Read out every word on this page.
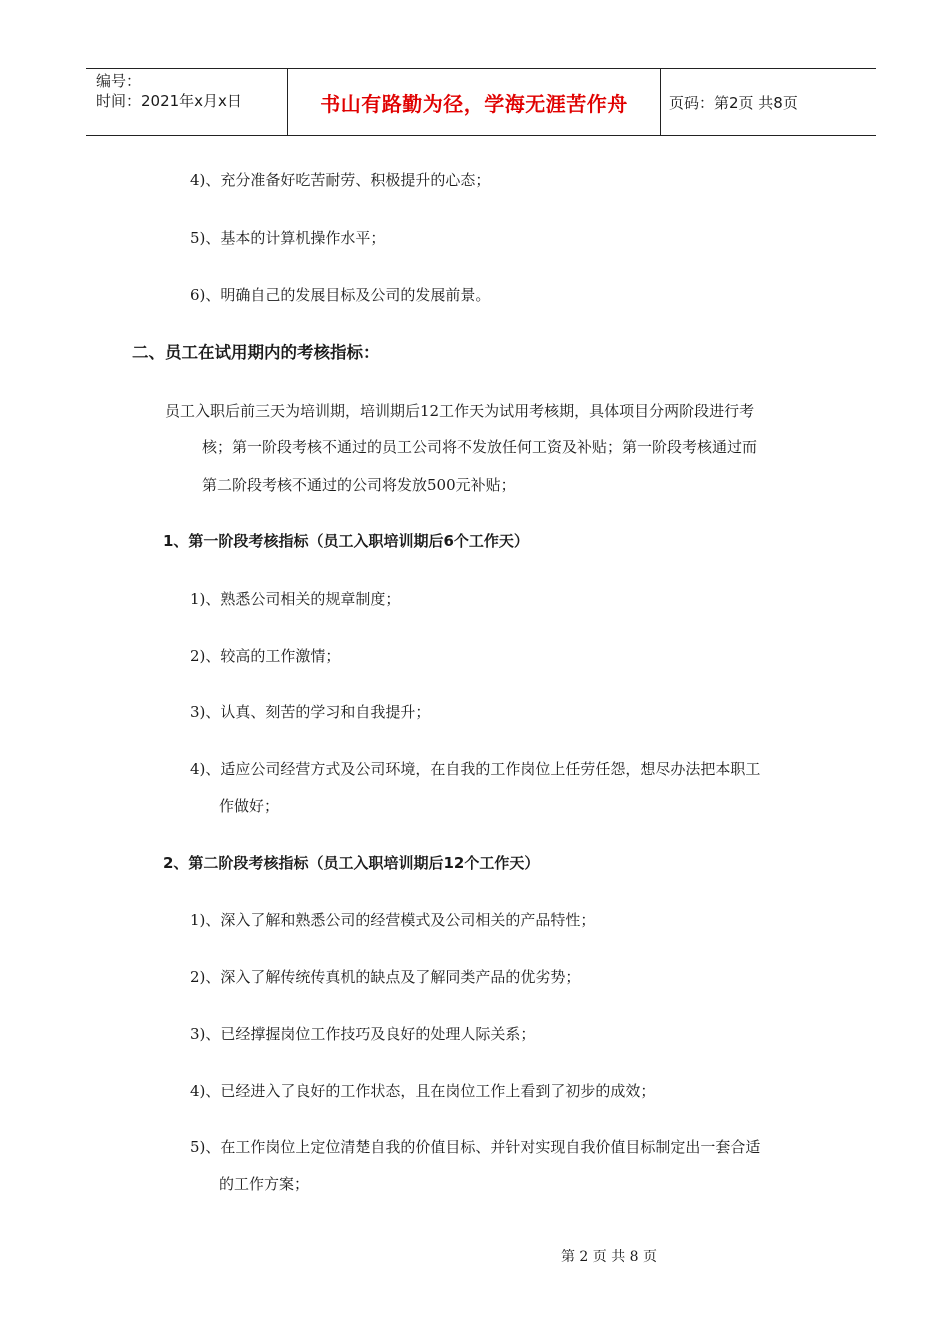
编号：
时间：2021年x月x日	书山有路勤为径，学海无涯苦作舟	页码：第2页 共8页
4)、充分准备好吃苦耐劳、积极提升的心态；
5)、基本的计算机操作水平；
6)、明确自己的发展目标及公司的发展前景。
二、员工在试用期内的考核指标：
员工入职后前三天为培训期，培训期后12工作天为试用考核期，具体项目分两阶段进行考
核；第一阶段考核不通过的员工公司将不发放任何工资及补贴；第一阶段考核通过而
第二阶段考核不通过的公司将发放500元补贴；
1、第一阶段考核指标（员工入职培训期后6个工作天）
1)、熟悉公司相关的规章制度；
2)、较高的工作激情；
3)、认真、刻苦的学习和自我提升；
4)、适应公司经营方式及公司环境，在自我的工作岗位上任劳任怨，想尽办法把本职工
作做好；
2、第二阶段考核指标（员工入职培训期后12个工作天）
1)、深入了解和熟悉公司的经营模式及公司相关的产品特性；
2)、深入了解传统传真机的缺点及了解同类产品的优劣势；
3)、已经撑握岗位工作技巧及良好的处理人际关系；
4)、已经进入了良好的工作状态，且在岗位工作上看到了初步的成效；
5)、在工作岗位上定位清楚自我的价值目标、并针对实现自我价值目标制定出一套合适
的工作方案；
第 2 页 共 8 页
